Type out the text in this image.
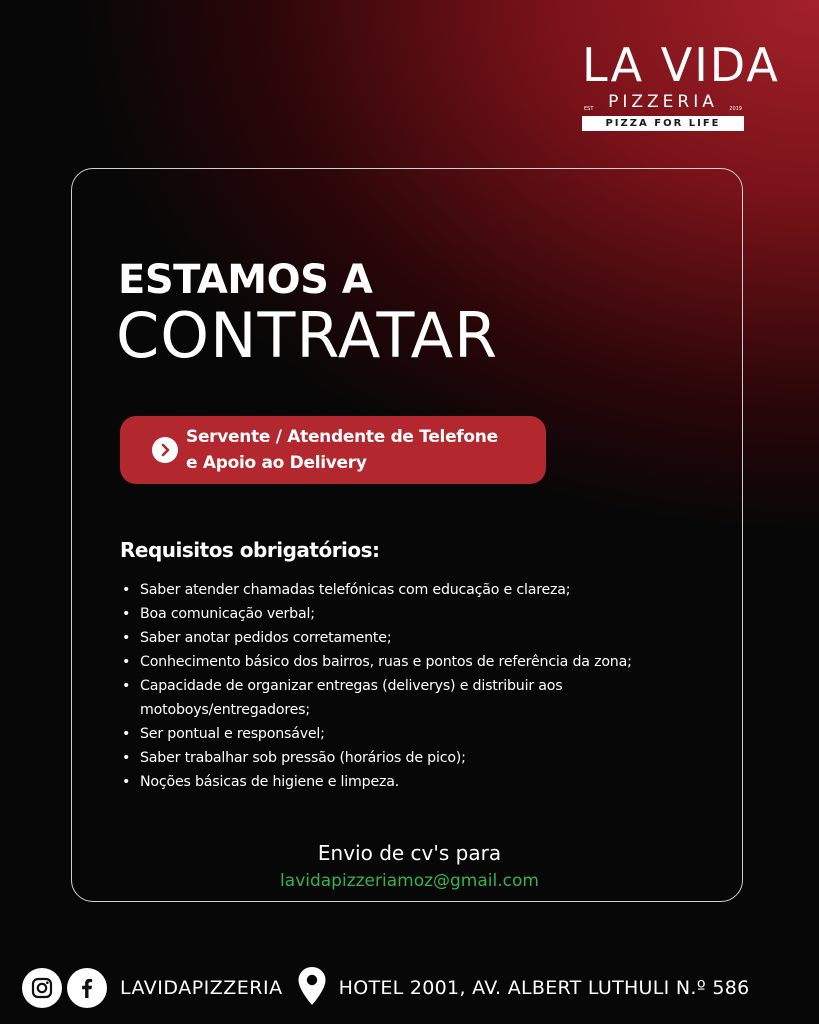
LA VIDA
EST PIZZERIA 2019
PIZZA FOR LIFE
ESTAMOS A
CONTRATAR
Servente / Atendente de Telefone
e Apoio ao Delivery
Requisitos obrigatórios:
• Saber atender chamadas telefónicas com educação e clareza;
• Boa comunicação verbal;
• Saber anotar pedidos corretamente;
• Conhecimento básico dos bairros, ruas e pontos de referência da zona;
• Capacidade de organizar entregas (deliverys) e distribuir aos
motoboys/entregadores;
• Ser pontual e responsável;
• Saber trabalhar sob pressão (horários de pico);
• Noções básicas de higiene e limpeza.
Envio de cv's para
lavidapizzeriamoz@gmail.com
LAVIDAPIZZERIA	HOTEL 2001, AV. ALBERT LUTHULI N.º 586
